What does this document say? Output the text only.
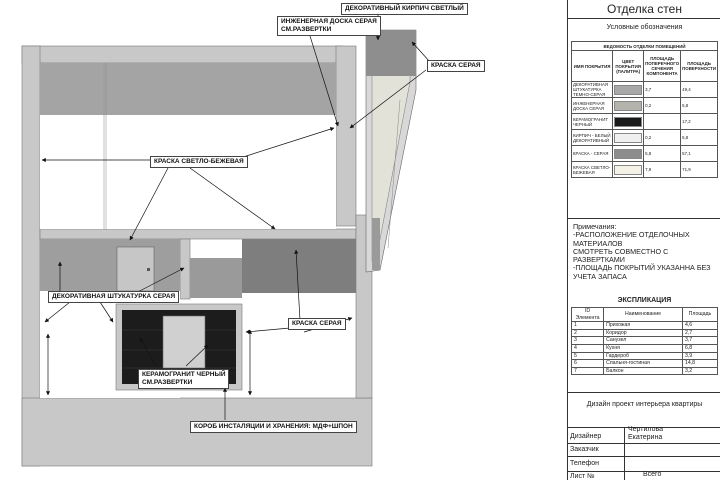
ИНЖЕНЕРНАЯ ДОСКА СЕРАЯ
СМ.РАЗВЕРТКИ
ДЕКОРАТИВНЫЙ КИРПИЧ СВЕТЛЫЙ
КРАСКА СЕРАЯ
КРАСКА СВЕТЛО-БЕЖЕВАЯ
ДЕКОРАТИВНАЯ ШТУКАТУРКА СЕРАЯ
КРАСКА СЕРАЯ
КЕРАМОГРАНИТ ЧЕРНЫЙ
СМ.РАЗВЕРТКИ
КОРОБ ИНСТАЛЯЦИИ И ХРАНЕНИЯ: МДФ+ШПОН
Отделка стен
Условные обозначения
ВЕДОМОСТЬ ОТДЕЛКИ ПОМЕЩЕНИЙ			
ИМЯ ПОКРЫТИЯ	ЦВЕТ ПОКРЫТИЯ (ПАЛИТРА)	ПЛОЩАДЬ ПОПЕРЕЧНОГО СЕЧЕНИЯ КОМПОНЕНТА	ПЛОЩАДЬ ПОВЕРХНОСТИ
ДЕКОРАТИВНАЯ ШТУКАТУРКА ТЕМНО-СЕРАЯ		3,7	49,4
ИНЖЕНЕРНАЯ ДОСКА СЕРАЯ		0,2	5,8
КЕРАМОГРАНИТ ЧЕРНЫЙ			17,2
КИРПИЧ - БЕЛЫЙ ДЕКОРАТИВНЫЙ		0,2	5,8
КРАСКА - СЕРАЯ		5,8	57,1
КРАСКА СВЕТЛО-БЕЖЕВАЯ		7,9	71,9
Примечания:
-РАСПОЛОЖЕНИЕ ОТДЕЛОЧНЫХ МАТЕРИАЛОВ
СМОТРЕТЬ СОВМЕСТНО С РАЗВЕРТКАМИ
-ПЛОЩАДЬ ПОКРЫТИЙ УКАЗАННА БЕЗ УЧЕТА ЗАПАСА
ЭКСПЛИКАЦИЯ
ID Элемента	Наименование	Площадь
1	Прихожая	4,6
2	Коридор	2,7
3	Санузел	3,7
4	Кухня	6,8
5	Гардероб	3,9
6	Спальня-гостиная	14,8
7	Балкон	3,2
Дизайн проект интерьера квартиры
Дизайнер
Чертилова
Екатерина
Заказчик
Телефон
Лист №	Всего
